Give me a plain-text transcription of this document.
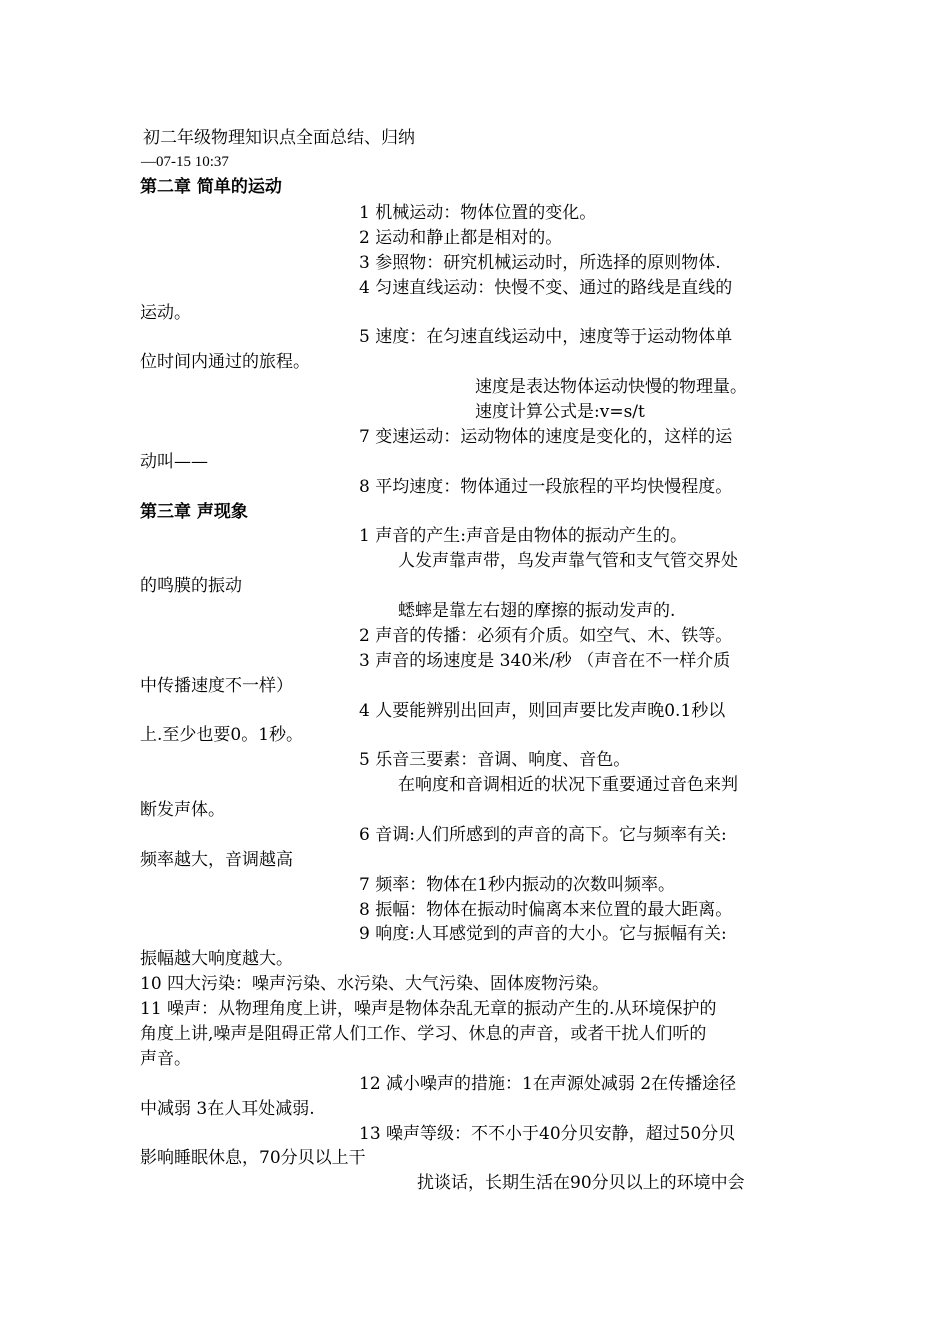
初二年级物理知识点全面总结、归纳

—07-15 10:37

第二章 简单的运动

1 机械运动：物体位置的变化。

2 运动和静止都是相对的。

3 参照物：研究机械运动时，所选择的原则物体.

4 匀速直线运动：快慢不变、通过的路线是直线的

运动。

5 速度：在匀速直线运动中，速度等于运动物体单

位时间内通过的旅程。

速度是表达物体运动快慢的物理量。

速度计算公式是:v=s/t

7 变速运动：运动物体的速度是变化的，这样的运

动叫——

8 平均速度：物体通过一段旅程的平均快慢程度。

第三章 声现象

1 声音的产生:声音是由物体的振动产生的。

人发声靠声带，鸟发声靠气管和支气管交界处

的鸣膜的振动

蟋蟀是靠左右翅的摩擦的振动发声的.

2 声音的传播：必须有介质。如空气、木、铁等。

3 声音的场速度是 340米/秒 （声音在不一样介质

中传播速度不一样）

4 人要能辨别出回声，则回声要比发声晚0.1秒以

上.至少也要0。1秒。

5 乐音三要素：音调、响度、音色。

在响度和音调相近的状况下重要通过音色来判

断发声体。

6 音调:人们所感到的声音的高下。它与频率有关:

频率越大，音调越高

7 频率：物体在1秒内振动的次数叫频率。

8 振幅：物体在振动时偏离本来位置的最大距离。

9 响度:人耳感觉到的声音的大小。它与振幅有关:

振幅越大响度越大。

10 四大污染：噪声污染、水污染、大气污染、固体废物污染。

11 噪声：从物理角度上讲，噪声是物体杂乱无章的振动产生的.从环境保护的

角度上讲,噪声是阻碍正常人们工作、学习、休息的声音，或者干扰人们听的

声音。

12 减小噪声的措施：1在声源处减弱 2在传播途径

中减弱 3在人耳处减弱.

13 噪声等级：不不小于40分贝安静，超过50分贝

影响睡眠休息，70分贝以上干

扰谈话，长期生活在90分贝以上的环境中会
